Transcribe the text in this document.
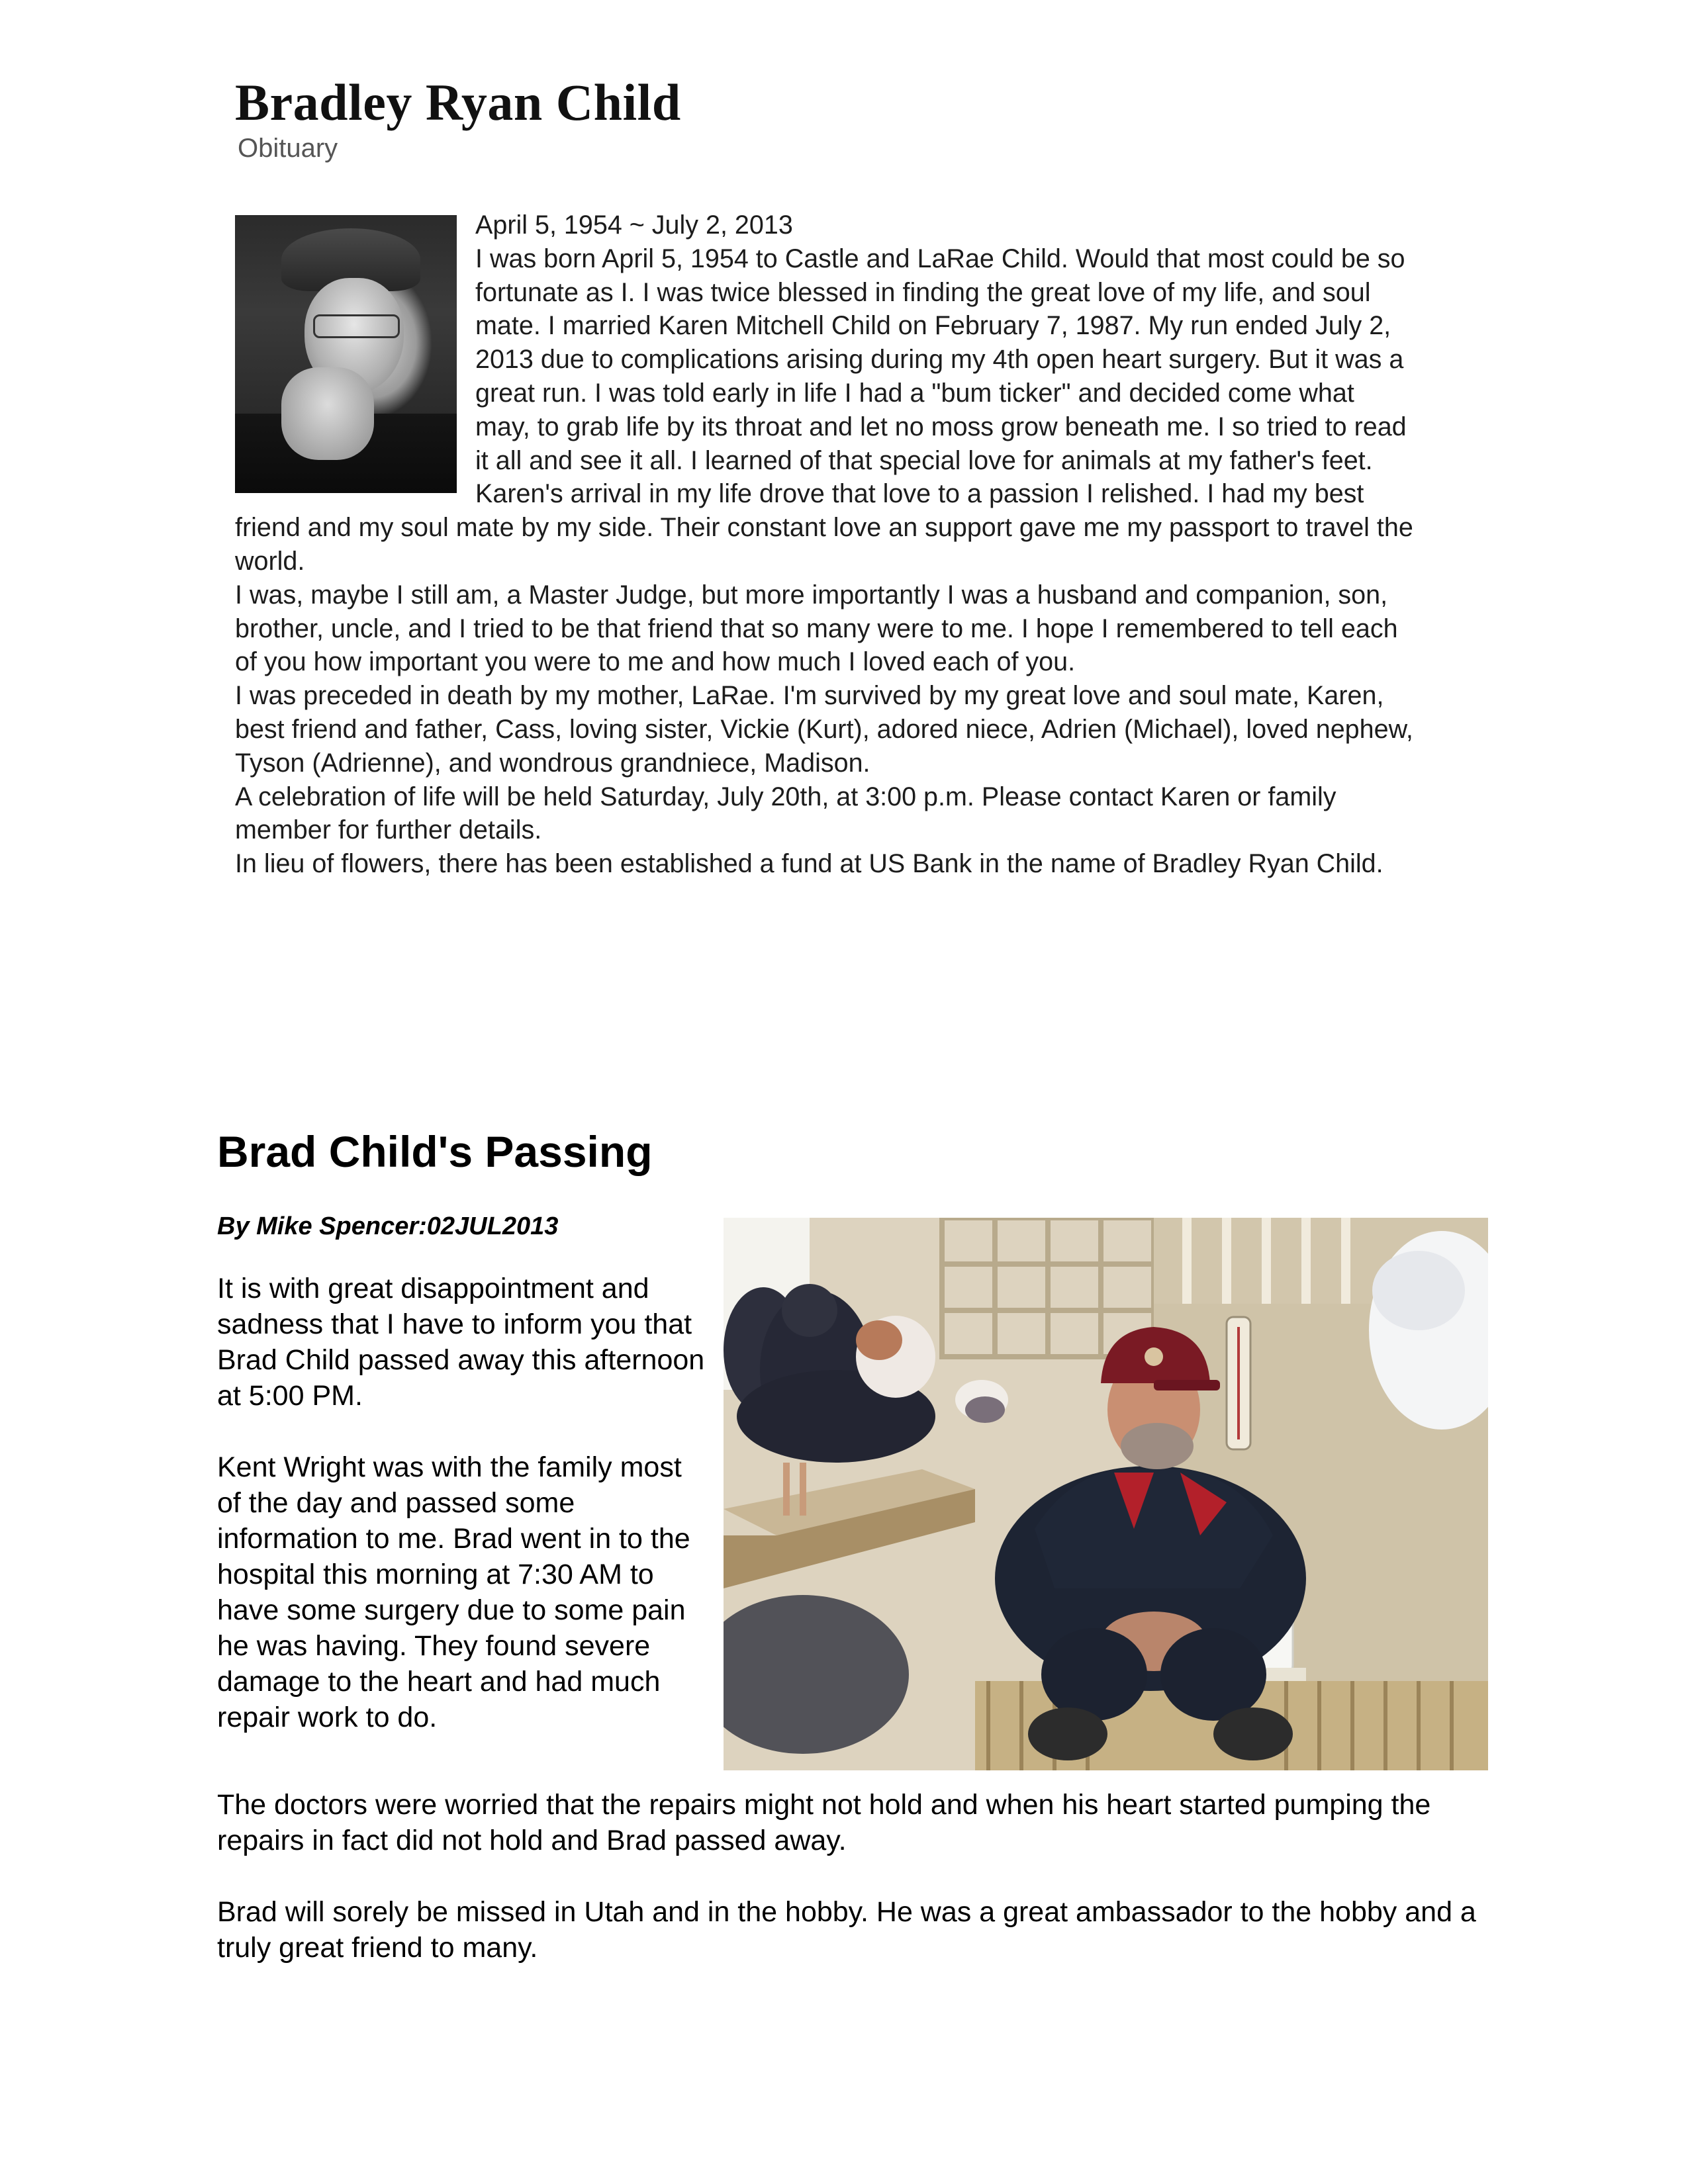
Bradley Ryan Child
Obituary

April 5, 1954 ~ July 2, 2013

I was born April 5, 1954 to Castle and LaRae Child. Would that most could be so fortunate as I. I was twice blessed in finding the great love of my life, and soul mate. I married Karen Mitchell Child on February 7, 1987. My run ended July 2, 2013 due to complications arising during my 4th open heart surgery. But it was a great run. I was told early in life I had a "bum ticker" and decided come what may, to grab life by its throat and let no moss grow beneath me. I so tried to read it all and see it all. I learned of that special love for animals at my father's feet. Karen's arrival in my life drove that love to a passion I relished. I had my best friend and my soul mate by my side. Their constant love an support gave me my passport to travel the world.

I was, maybe I still am, a Master Judge, but more importantly I was a husband and companion, son, brother, uncle, and I tried to be that friend that so many were to me. I hope I remembered to tell each of you how important you were to me and how much I loved each of you.

I was preceded in death by my mother, LaRae. I'm survived by my great love and soul mate, Karen, best friend and father, Cass, loving sister, Vickie (Kurt), adored niece, Adrien (Michael), loved nephew, Tyson (Adrienne), and wondrous grandniece, Madison.

A celebration of life will be held Saturday, July 20th, at 3:00 p.m. Please contact Karen or family member for further details.

In lieu of flowers, there has been established a fund at US Bank in the name of Bradley Ryan Child.

Brad Child's Passing

By Mike Spencer:02JUL2013

It is with great disappointment and sadness that I have to inform you that Brad Child passed away this afternoon at 5:00 PM.

Kent Wright was with the family most of the day and passed some information to me. Brad went in to the hospital this morning at 7:30 AM to have some surgery due to some pain he was having. They found severe damage to the heart and had much repair work to do.

The doctors were worried that the repairs might not hold and when his heart started pumping the repairs in fact did not hold and Brad passed away.

Brad will sorely be missed in Utah and in the hobby. He was a great ambassador to the hobby and a truly great friend to many.
